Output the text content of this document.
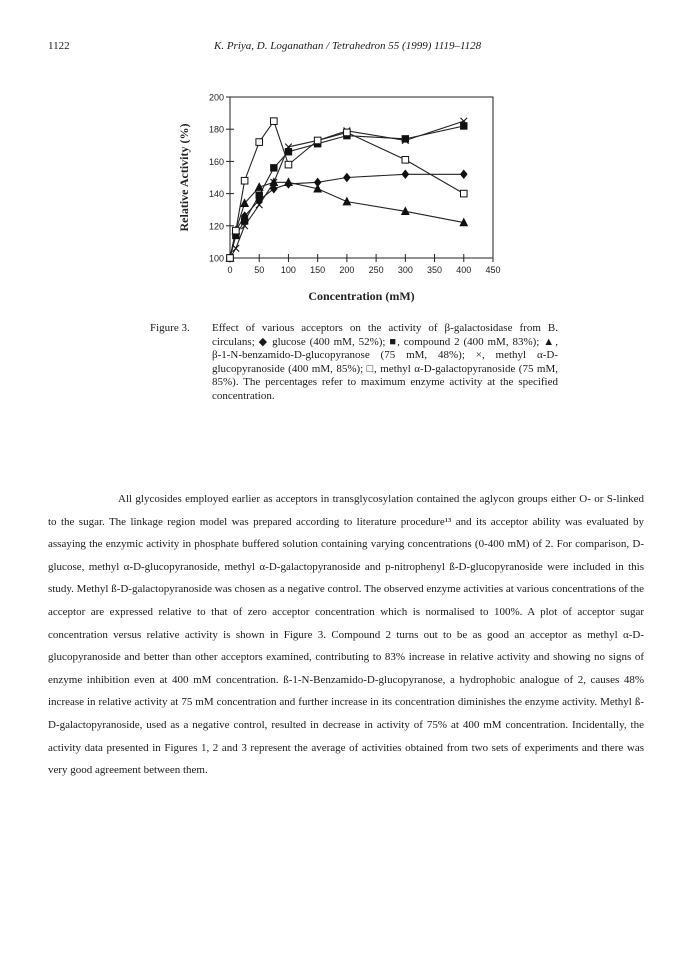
1122	K. Priya, D. Loganathan / Tetrahedron 55 (1999) 1119–1128
100
120
140
160
180
200
0 50 100 150 200 250 300 350 400 450
Concentration (mM)
Relative Activity (%)
Figure 3. Effect of various acceptors on the activity of β-galactosidase from B. circulans; ◆ glucose (400 mM, 52%); ■, compound 2 (400 mM, 83%); ▲, β-1-N-benzamido-D-glucopyranose (75 mM, 48%); ×, methyl α-D-glucopyranoside (400 mM, 85%); □, methyl α-D-galactopyranoside (75 mM, 85%). The percentages refer to maximum enzyme activity at the specified concentration.

All glycosides employed earlier as acceptors in transglycosylation contained the aglycon groups either O- or S-linked to the sugar. The linkage region model was prepared according to literature procedure¹³ and its acceptor ability was evaluated by assaying the enzymic activity in phosphate buffered solution containing varying concentrations (0-400 mM) of 2. For comparison, D-glucose, methyl α-D-glucopyranoside, methyl α-D-galactopyranoside and p-nitrophenyl ß-D-glucopyranoside were included in this study. Methyl ß-D-galactopyranoside was chosen as a negative control. The observed enzyme activities at various concentrations of the acceptor are expressed relative to that of zero acceptor concentration which is normalised to 100%. A plot of acceptor sugar concentration versus relative activity is shown in Figure 3. Compound 2 turns out to be as good an acceptor as methyl α-D-glucopyranoside and better than other acceptors examined, contributing to 83% increase in relative activity and showing no signs of enzyme inhibition even at 400 mM concentration. ß-1-N-Benzamido-D-glucopyranose, a hydrophobic analogue of 2, causes 48% increase in relative activity at 75 mM concentration and further increase in its concentration diminishes the enzyme activity. Methyl ß-D-galactopyranoside, used as a negative control, resulted in decrease in activity of 75% at 400 mM concentration. Incidentally, the activity data presented in Figures 1, 2 and 3 represent the average of activities obtained from two sets of experiments and there was very good agreement between them.
